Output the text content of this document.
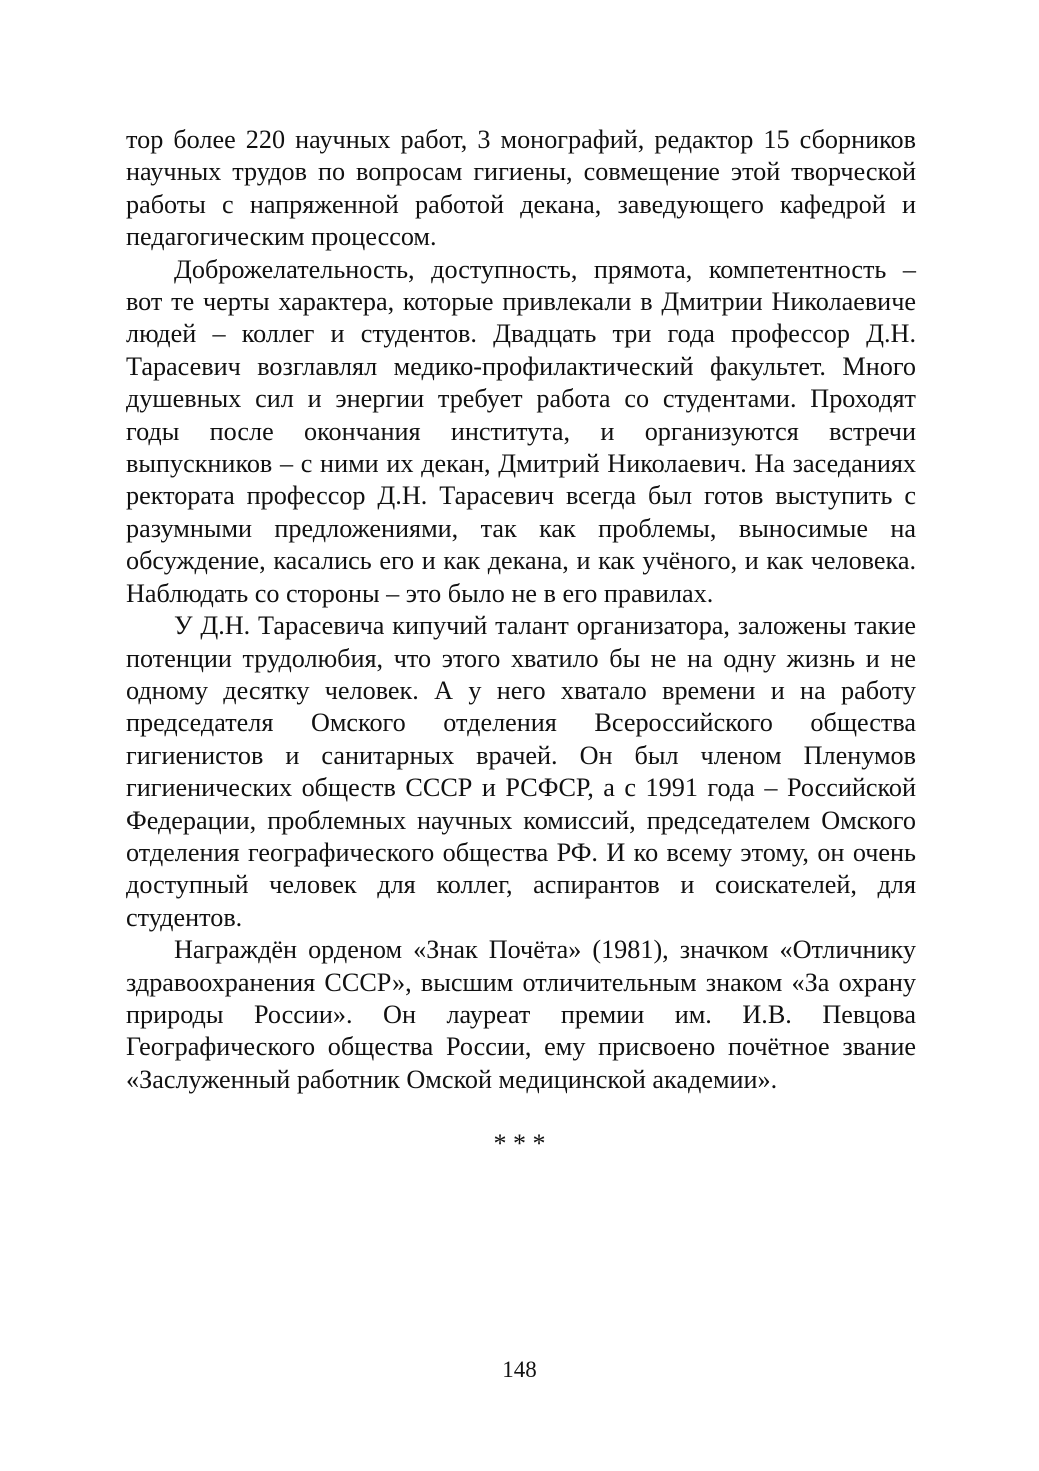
тор более 220 научных работ, 3 монографий, редактор 15 сборников научных трудов по вопросам гигиены, совмещение этой творческой работы с напряженной работой декана, заведующего кафедрой и педагогическим процессом.

Доброжелательность, доступность, прямота, компетентность – вот те черты характера, которые привлекали в Дмитрии Николаевиче людей – коллег и студентов. Двадцать три года профессор Д.Н. Тарасевич возглавлял медико-профилактический факультет. Много душевных сил и энергии требует работа со студентами. Проходят годы после окончания института, и организуются встречи выпускников – с ними их декан, Дмитрий Николаевич. На заседаниях ректората профессор Д.Н. Тарасевич всегда был готов выступить с разумными предложениями, так как проблемы, выносимые на обсуждение, касались его и как декана, и как учёного, и как человека. Наблюдать со стороны – это было не в его правилах.

У Д.Н. Тарасевича кипучий талант организатора, заложены такие потенции трудолюбия, что этого хватило бы не на одну жизнь и не одному десятку человек. А у него хватало времени и на работу председателя Омского отделения Всероссийского общества гигиенистов и санитарных врачей. Он был членом Пленумов гигиенических обществ СССР и РСФСР, а с 1991 года – Российской Федерации, проблемных научных комиссий, председателем Омского отделения географического общества РФ. И ко всему этому, он очень доступный человек для коллег, аспирантов и соискателей, для студентов.

Награждён орденом «Знак Почёта» (1981), значком «Отличнику здравоохранения СССР», высшим отличительным знаком «За охрану природы России». Он лауреат премии им. И.В. Певцова Географического общества России, ему присвоено почётное звание «Заслуженный работник Омской медицинской академии».

* * *
148
